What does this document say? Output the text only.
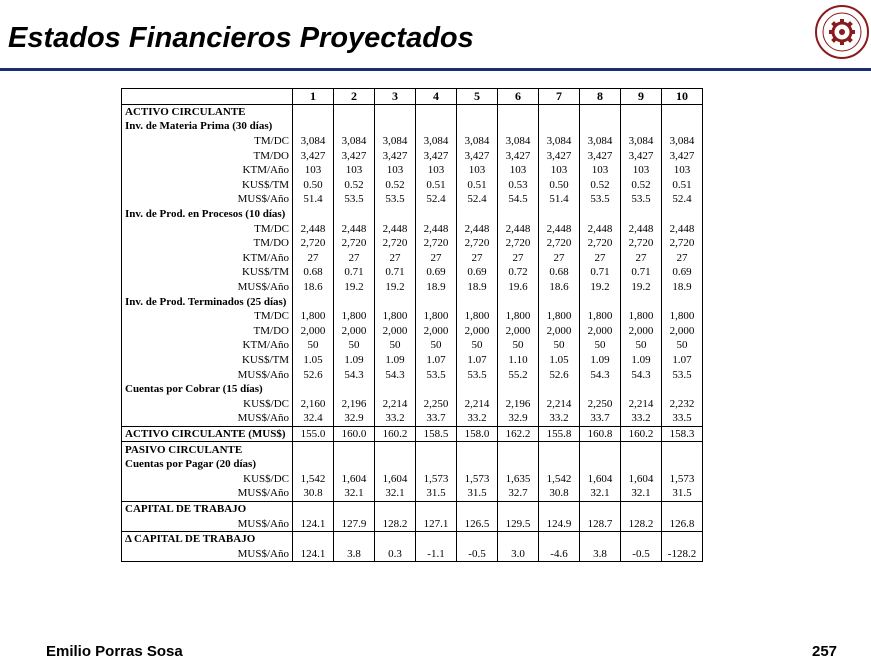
Estados Financieros Proyectados
	1	2	3	4	5	6	7	8	9	10
ACTIVO CIRCULANTE										
Inv. de Materia Prima (30 días)										
TM/DC	3,084	3,084	3,084	3,084	3,084	3,084	3,084	3,084	3,084	3,084
TM/DO	3,427	3,427	3,427	3,427	3,427	3,427	3,427	3,427	3,427	3,427
KTM/Año	103	103	103	103	103	103	103	103	103	103
KUS$/TM	0.50	0.52	0.52	0.51	0.51	0.53	0.50	0.52	0.52	0.51
MUS$/Año	51.4	53.5	53.5	52.4	52.4	54.5	51.4	53.5	53.5	52.4
Inv. de Prod. en Procesos (10 días)										
TM/DC	2,448	2,448	2,448	2,448	2,448	2,448	2,448	2,448	2,448	2,448
TM/DO	2,720	2,720	2,720	2,720	2,720	2,720	2,720	2,720	2,720	2,720
KTM/Año	27	27	27	27	27	27	27	27	27	27
KUS$/TM	0.68	0.71	0.71	0.69	0.69	0.72	0.68	0.71	0.71	0.69
MUS$/Año	18.6	19.2	19.2	18.9	18.9	19.6	18.6	19.2	19.2	18.9
Inv. de Prod. Terminados (25 días)										
TM/DC	1,800	1,800	1,800	1,800	1,800	1,800	1,800	1,800	1,800	1,800
TM/DO	2,000	2,000	2,000	2,000	2,000	2,000	2,000	2,000	2,000	2,000
KTM/Año	50	50	50	50	50	50	50	50	50	50
KUS$/TM	1.05	1.09	1.09	1.07	1.07	1.10	1.05	1.09	1.09	1.07
MUS$/Año	52.6	54.3	54.3	53.5	53.5	55.2	52.6	54.3	54.3	53.5
Cuentas por Cobrar (15 días)										
KUS$/DC	2,160	2,196	2,214	2,250	2,214	2,196	2,214	2,250	2,214	2,232
MUS$/Año	32.4	32.9	33.2	33.7	33.2	32.9	33.2	33.7	33.2	33.5
ACTIVO CIRCULANTE (MUS$)	155.0	160.0	160.2	158.5	158.0	162.2	155.8	160.8	160.2	158.3
PASIVO CIRCULANTE										
Cuentas por Pagar (20 días)										
KUS$/DC	1,542	1,604	1,604	1,573	1,573	1,635	1,542	1,604	1,604	1,573
MUS$/Año	30.8	32.1	32.1	31.5	31.5	32.7	30.8	32.1	32.1	31.5
CAPITAL DE TRABAJO										
MUS$/Año	124.1	127.9	128.2	127.1	126.5	129.5	124.9	128.7	128.2	126.8
Δ CAPITAL DE TRABAJO										
MUS$/Año	124.1	3.8	0.3	-1.1	-0.5	3.0	-4.6	3.8	-0.5	-128.2
Emilio Porras Sosa	257
